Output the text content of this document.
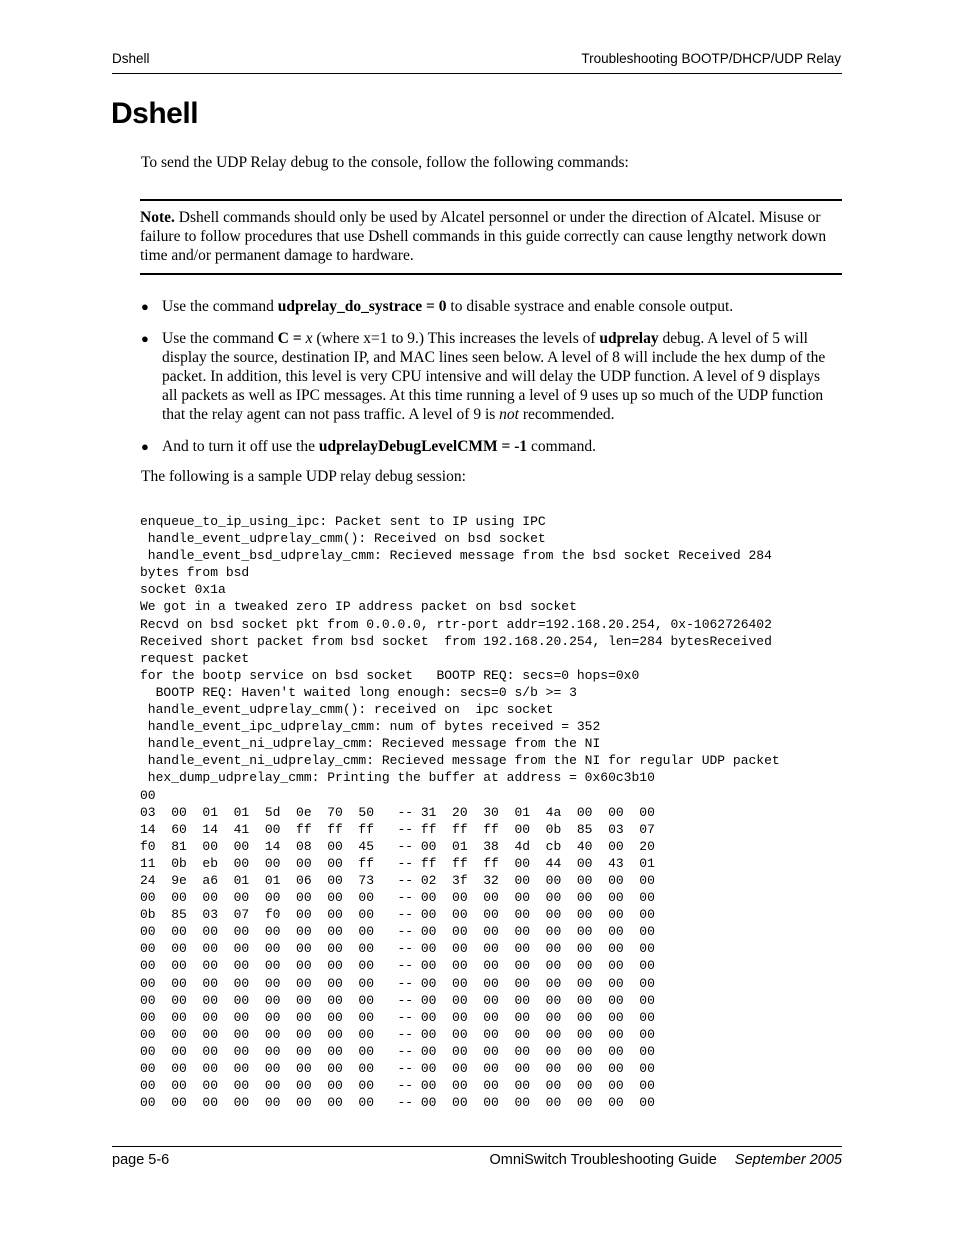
Dshell	Troubleshooting BOOTP/DHCP/UDP Relay
Dshell
To send the UDP Relay debug to the console, follow the following commands:
Note. Dshell commands should only be used by Alcatel personnel or under the direction of Alcatel. Misuse or failure to follow procedures that use Dshell commands in this guide correctly can cause lengthy network down time and/or permanent damage to hardware.
● Use the command udprelay_do_systrace = 0 to disable systrace and enable console output.
● Use the command C = x (where x=1 to 9.) This increases the levels of udprelay debug. A level of 5 will display the source, destination IP, and MAC lines seen below. A level of 8 will include the hex dump of the packet. In addition, this level is very CPU intensive and will delay the UDP function. A level of 9 displays all packets as well as IPC messages. At this time running a level of 9 uses up so much of the UDP function that the relay agent can not pass traffic. A level of 9 is not recommended.
● And to turn it off use the udprelayDebugLevelCMM = -1 command.
The following is a sample UDP relay debug session:
enqueue_to_ip_using_ipc: Packet sent to IP using IPC
handle_event_udprelay_cmm(): Received on bsd socket
handle_event_bsd_udprelay_cmm: Recieved message from the bsd socket Received 284
bytes from bsd
socket 0x1a
We got in a tweaked zero IP address packet on bsd socket
Recvd on bsd socket pkt from 0.0.0.0, rtr-port addr=192.168.20.254, 0x-1062726402
Received short packet from bsd socket  from 192.168.20.254, len=284 bytesReceived
request packet
for the bootp service on bsd socket   BOOTP REQ: secs=0 hops=0x0
BOOTP REQ: Haven't waited long enough: secs=0 s/b >= 3
handle_event_udprelay_cmm(): received on  ipc socket
handle_event_ipc_udprelay_cmm: num of bytes received = 352
handle_event_ni_udprelay_cmm: Recieved message from the NI
handle_event_ni_udprelay_cmm: Recieved message from the NI for regular UDP packet
hex_dump_udprelay_cmm: Printing the buffer at address = 0x60c3b10
00
03  00  01  01  5d  0e  70  50   -- 31  20  30  01  4a  00  00  00
14  60  14  41  00  ff  ff  ff   -- ff  ff  ff  00  0b  85  03  07
f0  81  00  00  14  08  00  45   -- 00  01  38  4d  cb  40  00  20
11  0b  eb  00  00  00  00  ff   -- ff  ff  ff  00  44  00  43  01
24  9e  a6  01  01  06  00  73   -- 02  3f  32  00  00  00  00  00
00  00  00  00  00  00  00  00   -- 00  00  00  00  00  00  00  00
0b  85  03  07  f0  00  00  00   -- 00  00  00  00  00  00  00  00
00  00  00  00  00  00  00  00   -- 00  00  00  00  00  00  00  00
00  00  00  00  00  00  00  00   -- 00  00  00  00  00  00  00  00
00  00  00  00  00  00  00  00   -- 00  00  00  00  00  00  00  00
00  00  00  00  00  00  00  00   -- 00  00  00  00  00  00  00  00
00  00  00  00  00  00  00  00   -- 00  00  00  00  00  00  00  00
00  00  00  00  00  00  00  00   -- 00  00  00  00  00  00  00  00
00  00  00  00  00  00  00  00   -- 00  00  00  00  00  00  00  00
00  00  00  00  00  00  00  00   -- 00  00  00  00  00  00  00  00
00  00  00  00  00  00  00  00   -- 00  00  00  00  00  00  00  00
00  00  00  00  00  00  00  00   -- 00  00  00  00  00  00  00  00
00  00  00  00  00  00  00  00   -- 00  00  00  00  00  00  00  00
page 5-6	OmniSwitch Troubleshooting Guide September 2005
